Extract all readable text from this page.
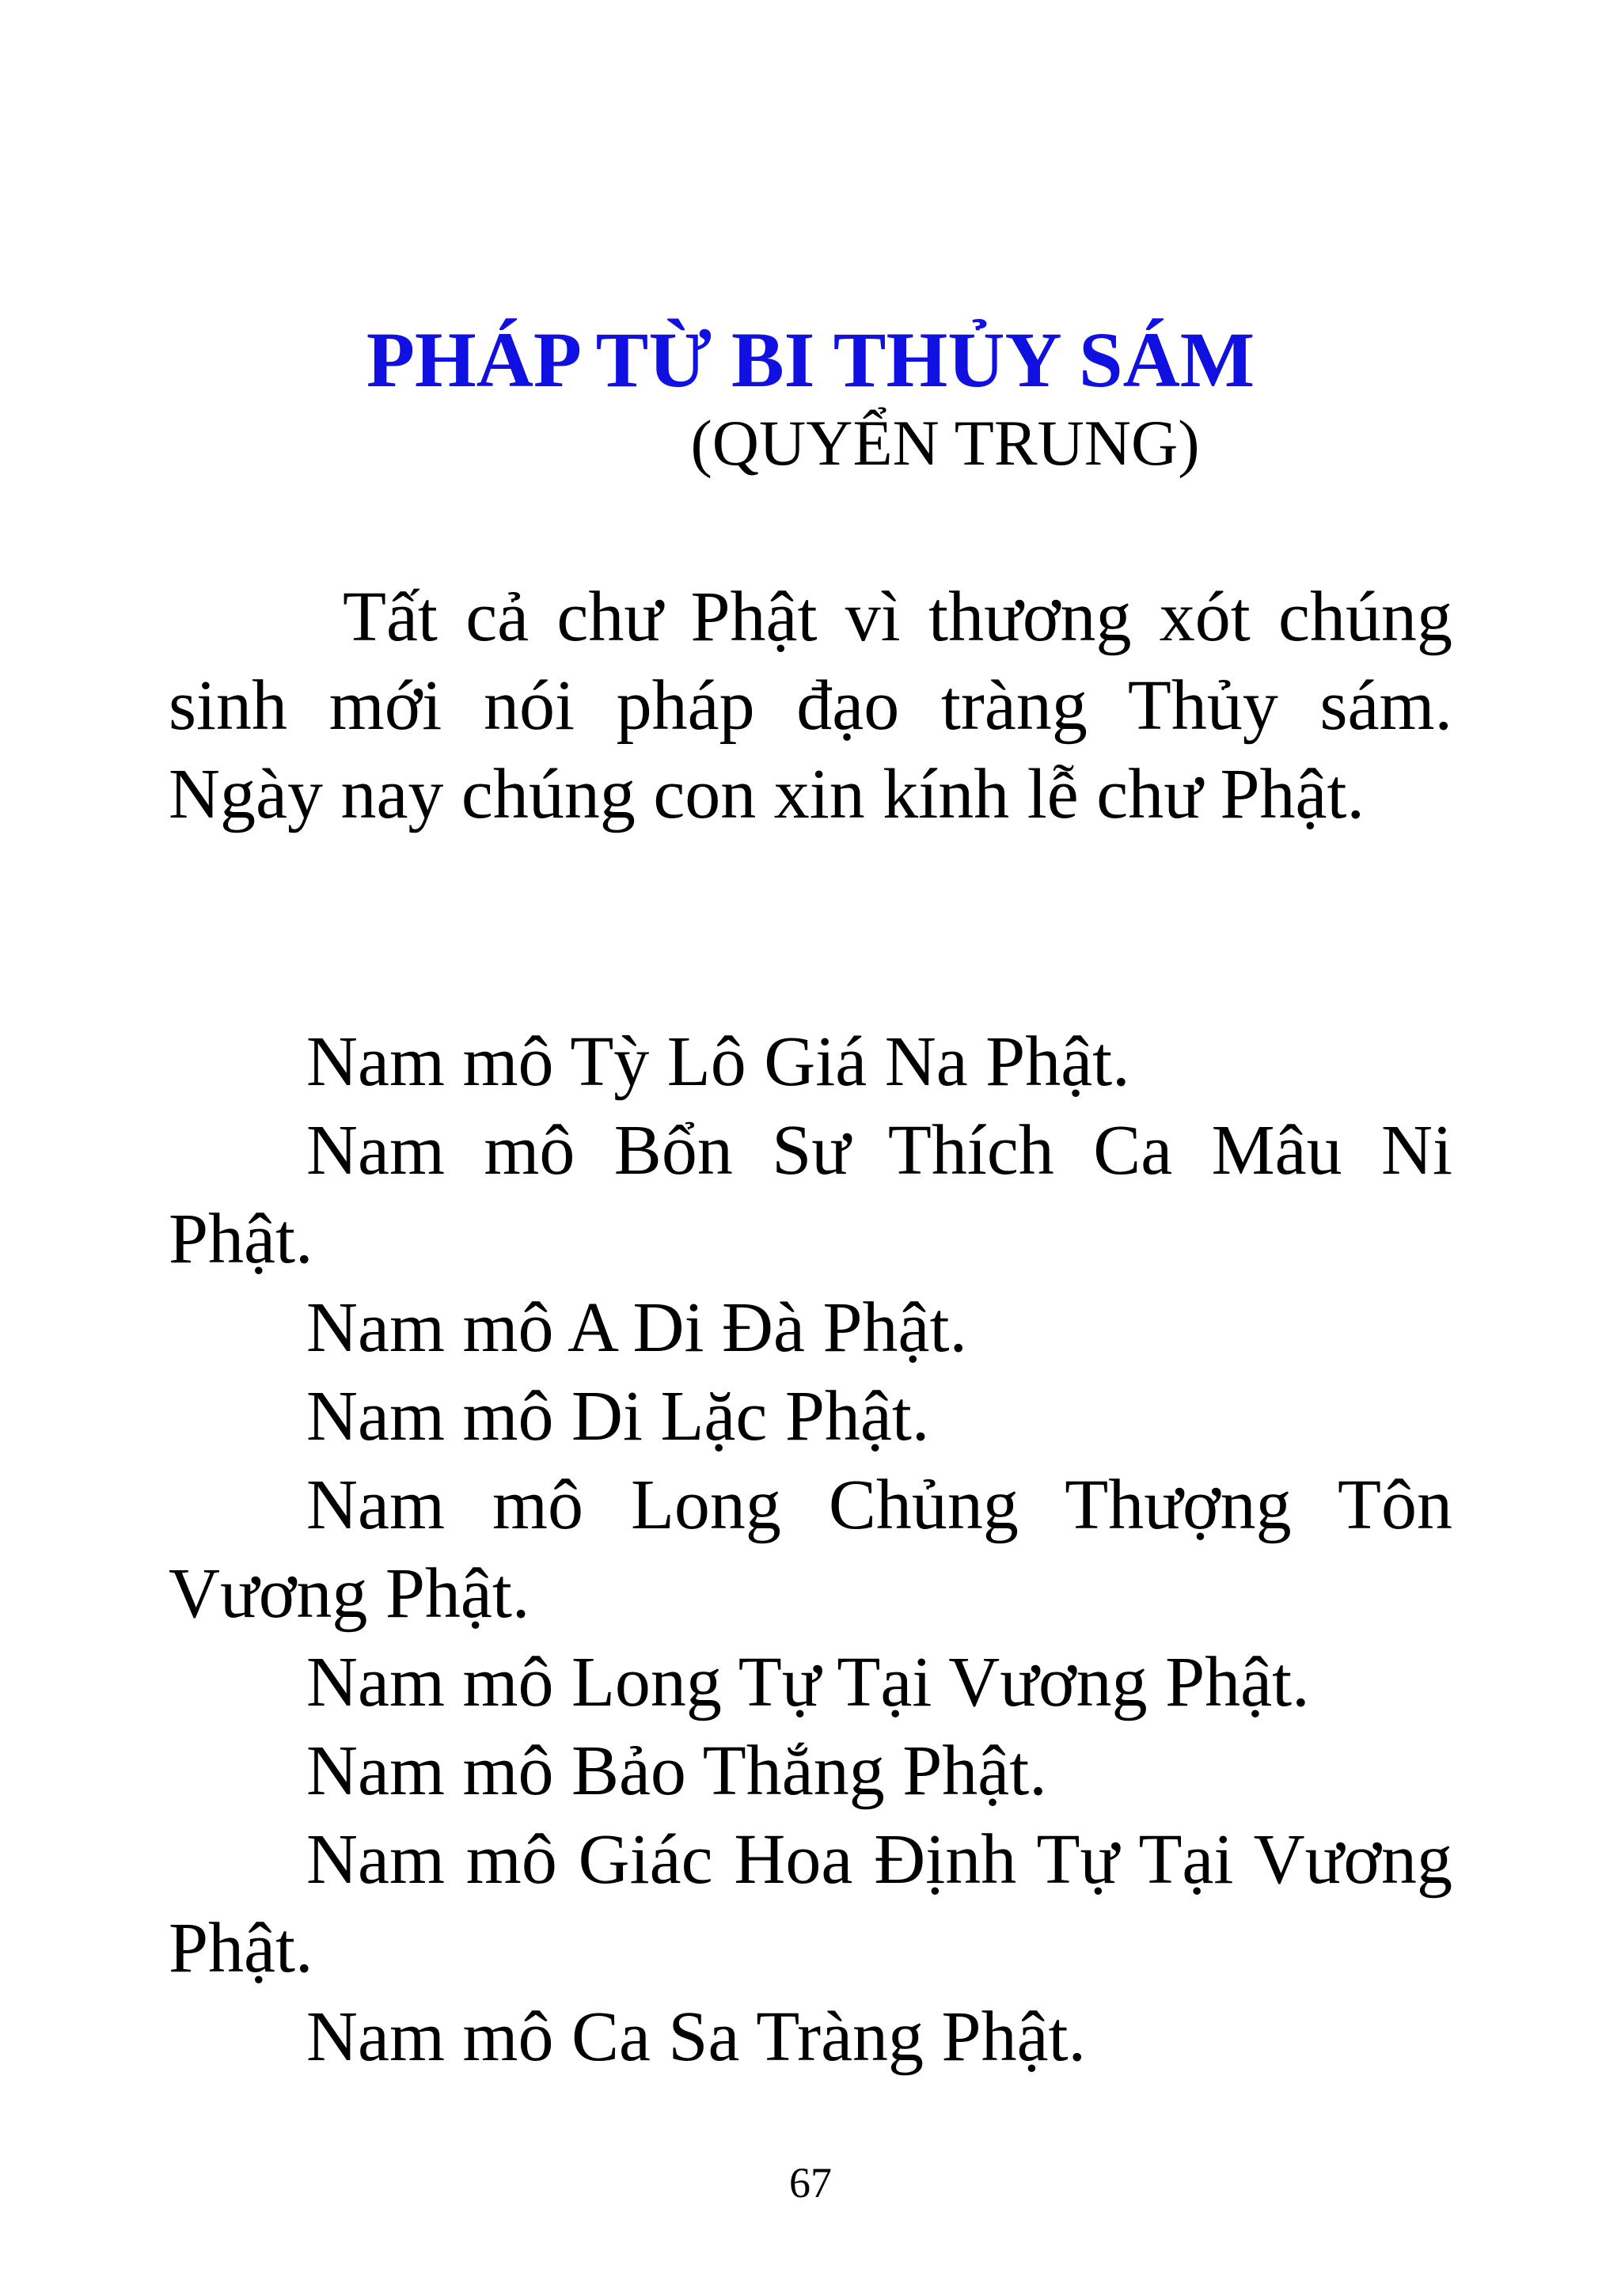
PHÁP TỪ BI THỦY SÁM
(QUYỂN TRUNG)
Tất cả chư Phật vì thương xót chúng sinh mới nói pháp đạo tràng Thủy sám. Ngày nay chúng con xin kính lễ chư Phật.

Nam mô Tỳ Lô Giá Na Phật.

Nam mô Bổn Sư Thích Ca Mâu Ni Phật.

Nam mô A Di Đà Phật.

Nam mô Di Lặc Phật.

Nam mô Long Chủng Thượng Tôn Vương Phật.

Nam mô Long Tự Tại Vương Phật.

Nam mô Bảo Thắng Phật.

Nam mô Giác Hoa Định Tự Tại Vương Phật.

Nam mô Ca Sa Tràng Phật.

67
